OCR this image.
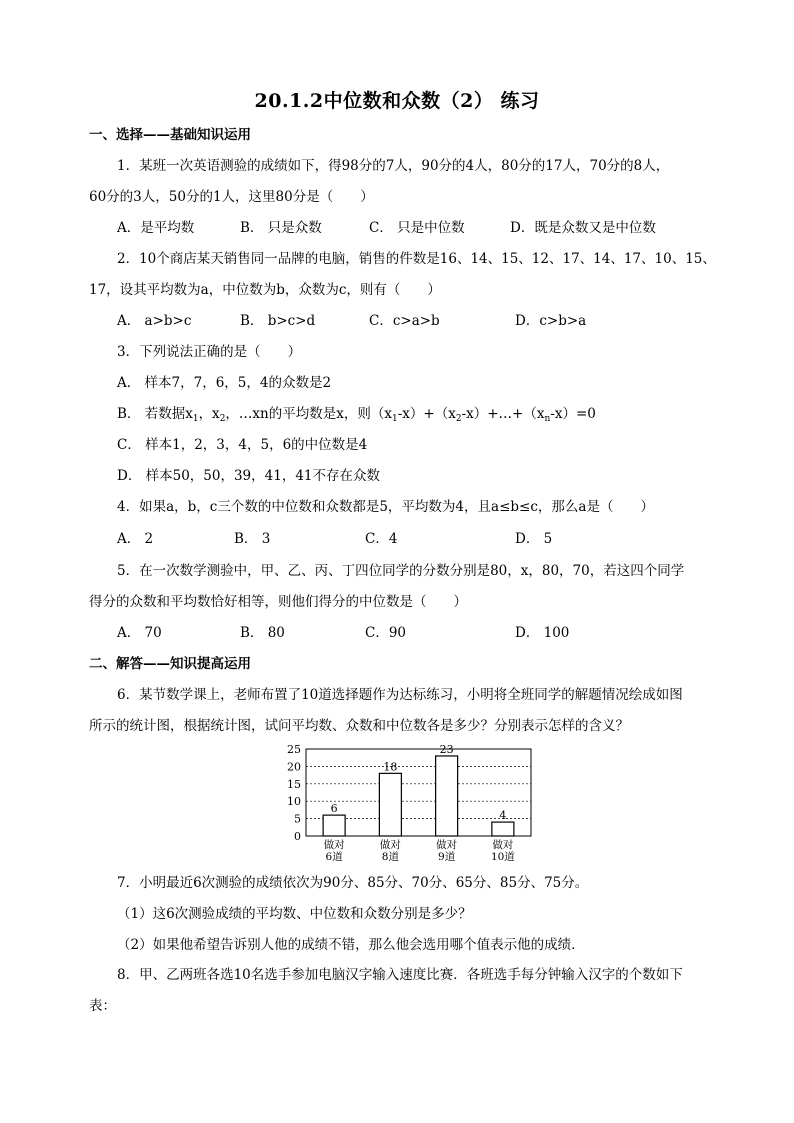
20.1.2中位数和众数（2） 练习
一、选择——基础知识运用
1．某班一次英语测验的成绩如下，得98分的7人，90分的4人，80分的17人，70分的8人，
60分的3人，50分的1人，这里80分是（　　）
A．是平均数	B． 只是众数	C． 只是中位数	D．既是众数又是中位数
2．10个商店某天销售同一品牌的电脑，销售的件数是16、14、15、12、17、14、17、10、15、
17，设其平均数为a，中位数为b，众数为c，则有（　　）
A． a>b>c	B． b>c>d	C．c>a>b	D．c>b>a
3．下列说法正确的是（　　）
A． 样本7，7，6，5，4的众数是2
B． 若数据$x_1$，$x_2$，…xn的平均数是x，则$(x_1-x)+(x_2-x)+\dots+(x_n-x)=0$
C． 样本1，2，3，4，5，6的中位数是4
D． 样本50，50，39，41，41不存在众数
4．如果a，b，c三个数的中位数和众数都是5，平均数为4，且a≤b≤c，那么a是（　　）
A． 2	B． 3	C．4	D． 5
5．在一次数学测验中，甲、乙、丙、丁四位同学的分数分别是80，x，80，70，若这四个同学
得分的众数和平均数恰好相等，则他们得分的中位数是（　　）
A． 70	B． 80	C．90	D． 100
二、解答——知识提高运用
6．某节数学课上，老师布置了10道选择题作为达标练习，小明将全班同学的解题情况绘成如图
所示的统计图，根据统计图，试问平均数、众数和中位数各是多少？分别表示怎样的含义？
25
20
15
10
5
0
6
做对
6道
18
做对
8道
23
做对
9道
4
做对
10道
7．小明最近6次测验的成绩依次为90分、85分、70分、65分、85分、75分。
（1）这6次测验成绩的平均数、中位数和众数分别是多少？
（2）如果他希望告诉别人他的成绩不错，那么他会选用哪个值表示他的成绩．
8．甲、乙两班各选10名选手参加电脑汉字输入速度比赛．各班选手每分钟输入汉字的个数如下
表：
